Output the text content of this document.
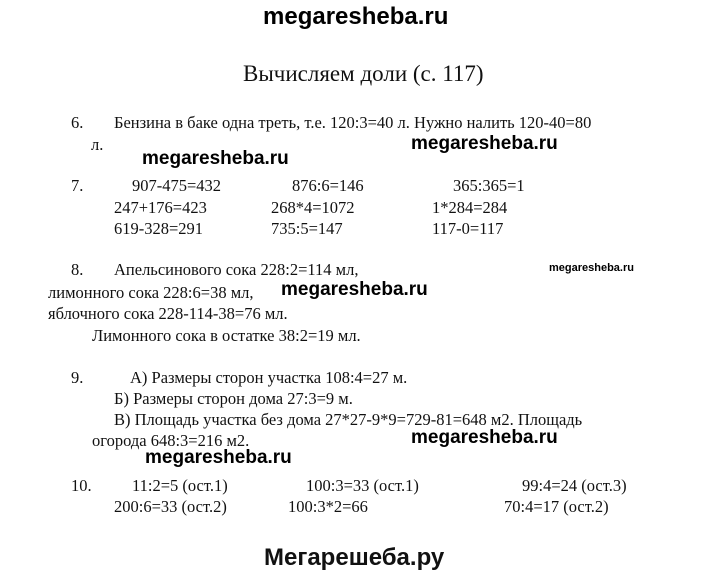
megaresheba.ru
Вычисляем доли (с. 117)
6. Бензина в баке одна треть, т.е. 120:3=40 л. Нужно налить 120-40=80
л.
megaresheba.ru
megaresheba.ru
7.	907-475=432	876:6=146	365:365=1
247+176=423	268*4=1072	1*284=284
619-328=291	735:5=147	117-0=117
8. Апельсинового сока 228:2=114 мл,	megaresheba.ru
лимонного сока 228:6=38 мл, megaresheba.ru
яблочного сока 228-114-38=76 мл.
Лимонного сока в остатке 38:2=19 мл.
9.	А) Размеры сторон участка 108:4=27 м.
Б) Размеры сторон дома 27:3=9 м.
В) Площадь участка без дома 27*27-9*9=729-81=648 м2. Площадь
огорода 648:3=216 м2.	megaresheba.ru
megaresheba.ru
10. 11:2=5 (ост.1)	100:3=33 (ост.1)	99:4=24 (ост.3)
200:6=33 (ост.2)	100:3*2=66	70:4=17 (ост.2)
Мегарешеба.ру
